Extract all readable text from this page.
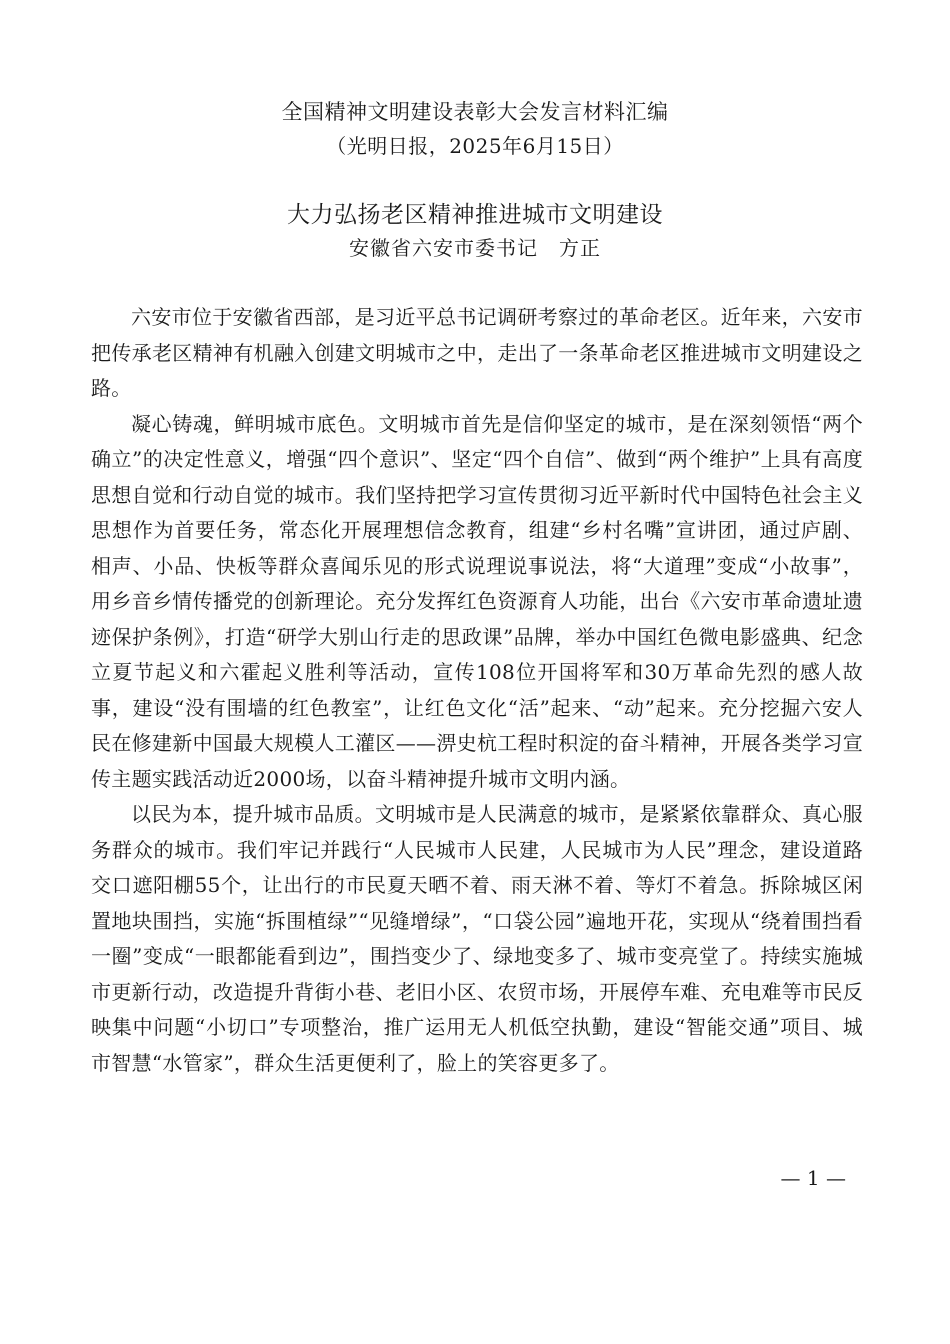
全国精神文明建设表彰大会发言材料汇编
（光明日报，2025年6月15日）
大力弘扬老区精神推进城市文明建设
安徽省六安市委书记　方正

六安市位于安徽省西部，是习近平总书记调研考察过的革命老区。近年来，六安市把传承老区精神有机融入创建文明城市之中，走出了一条革命老区推进城市文明建设之路。

凝心铸魂，鲜明城市底色。文明城市首先是信仰坚定的城市，是在深刻领悟“两个确立”的决定性意义，增强“四个意识”、坚定“四个自信”、做到“两个维护”上具有高度思想自觉和行动自觉的城市。我们坚持把学习宣传贯彻习近平新时代中国特色社会主义思想作为首要任务，常态化开展理想信念教育，组建“乡村名嘴”宣讲团，通过庐剧、相声、小品、快板等群众喜闻乐见的形式说理说事说法，将“大道理”变成“小故事”，用乡音乡情传播党的创新理论。充分发挥红色资源育人功能，出台《六安市革命遗址遗迹保护条例》，打造“研学大别山行走的思政课”品牌，举办中国红色微电影盛典、纪念立夏节起义和六霍起义胜利等活动，宣传108位开国将军和30万革命先烈的感人故事，建设“没有围墙的红色教室”，让红色文化“活”起来、“动”起来。充分挖掘六安人民在修建新中国最大规模人工灌区——淠史杭工程时积淀的奋斗精神，开展各类学习宣传主题实践活动近2000场，以奋斗精神提升城市文明内涵。

以民为本，提升城市品质。文明城市是人民满意的城市，是紧紧依靠群众、真心服务群众的城市。我们牢记并践行“人民城市人民建，人民城市为人民”理念，建设道路交口遮阳棚55个，让出行的市民夏天晒不着、雨天淋不着、等灯不着急。拆除城区闲置地块围挡，实施“拆围植绿”“见缝增绿”，“口袋公园”遍地开花，实现从“绕着围挡看一圈”变成“一眼都能看到边”，围挡变少了、绿地变多了、城市变亮堂了。持续实施城市更新行动，改造提升背街小巷、老旧小区、农贸市场，开展停车难、充电难等市民反映集中问题“小切口”专项整治，推广运用无人机低空执勤，建设“智能交通”项目、城市智慧“水管家”，群众生活更便利了，脸上的笑容更多了。

— 1 —
